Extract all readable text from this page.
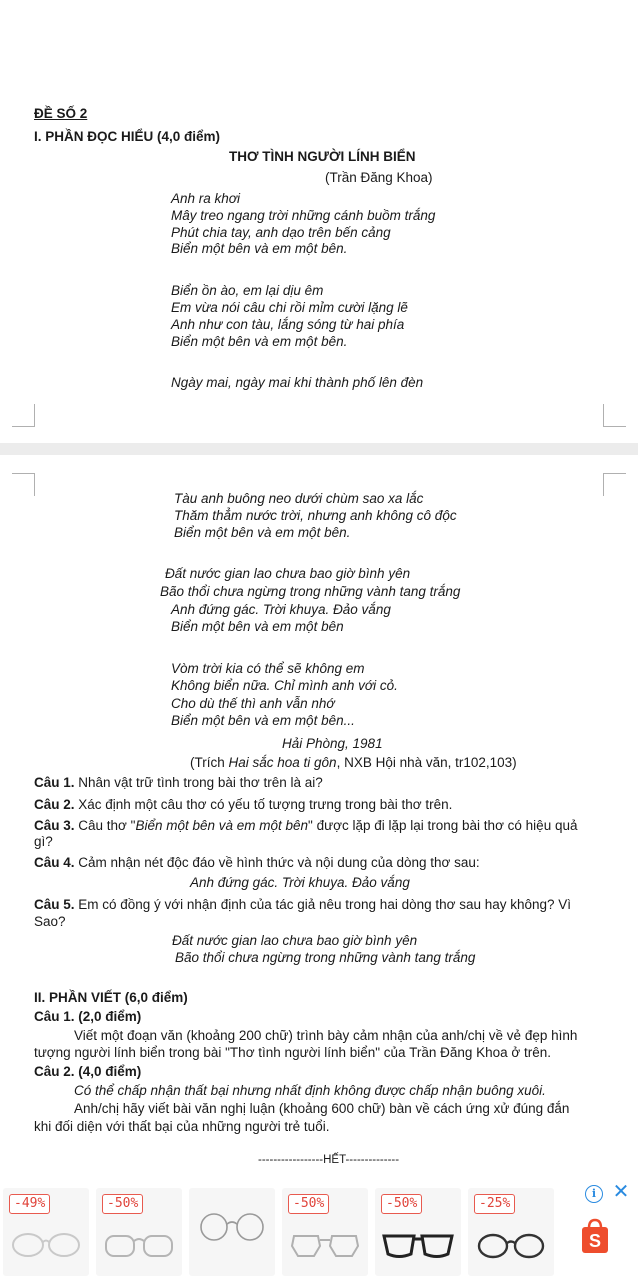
ĐỀ SỐ 2
I. PHẦN ĐỌC HIỂU (4,0 điểm)
THƠ TÌNH NGƯỜI LÍNH BIỂN
(Trần Đăng Khoa)
Anh ra khơi
Mây treo ngang trời những cánh buồm trắng
Phút chia tay, anh dạo trên bến cảng
Biển một bên và em một bên.
Biển ồn ào, em lại dịu êm
Em vừa nói câu chi rồi mỉm cười lặng lẽ
Anh như con tàu, lắng sóng từ hai phía
Biển một bên và em một bên.
Ngày mai, ngày mai khi thành phố lên đèn
Tàu anh buông neo dưới chùm sao xa lắc
Thăm thẳm nước trời, nhưng anh không cô độc
Biển một bên và em một bên.
Đất nước gian lao chưa bao giờ bình yên
Bão thổi chưa ngừng trong những vành tang trắng
Anh đứng gác. Trời khuya. Đảo vắng
Biển một bên và em một bên
Vòm trời kia có thể sẽ không em
Không biển nữa. Chỉ mình anh với cỏ.
Cho dù thế thì anh vẫn nhớ
Biển một bên và em một bên...
Hải Phòng, 1981
(Trích Hai sắc hoa ti gôn, NXB Hội nhà văn, tr102,103)
Câu 1. Nhân vật trữ tình trong bài thơ trên là ai?
Câu 2. Xác định một câu thơ có yếu tố tượng trưng trong bài thơ trên.
Câu 3. Câu thơ "Biển một bên và em một bên" được lặp đi lặp lại trong bài thơ có hiệu quả
gì?
Câu 4. Cảm nhận nét độc đáo về hình thức và nội dung của dòng thơ sau:
Anh đứng gác. Trời khuya. Đảo vắng
Câu 5. Em có đồng ý với nhận định của tác giả nêu trong hai dòng thơ sau hay không? Vì
Sao?
Đất nước gian lao chưa bao giờ bình yên
Bão thổi chưa ngừng trong những vành tang trắng
II. PHẦN VIẾT (6,0 điểm)
Câu 1. (2,0 điểm)
Viết một đoạn văn (khoảng 200 chữ) trình bày cảm nhận của anh/chị về vẻ đẹp hình
tượng người lính biển trong bài "Thơ tình người lính biển" của Trần Đăng Khoa ở trên.
Câu 2. (4,0 điểm)
Có thể chấp nhận thất bại nhưng nhất định không được chấp nhận buông xuôi.
Anh/chị hãy viết bài văn nghị luận (khoảng 600 chữ) bàn về cách ứng xử đúng đắn
khi đối diện với thất bại của những người trẻ tuổi.
-----------------HẾT--------------
-49%	-50%	-50%	-50%	-25%
i ✕
S
